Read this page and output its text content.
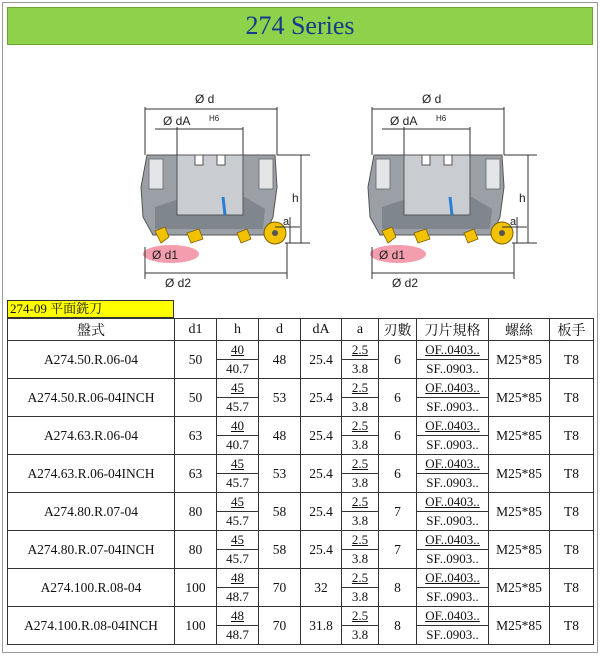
274 Series
Ø d
Ø dA H6
h
a
Ø d1
Ø d2
Ø d
Ø dA H6
h
a
Ø d1
Ø d2
274-09 平面銑刀
盤式	d1	h	d	dA	a	刃數	刀片規格	螺絲	板手
A274.50.R.06-04	50	40	48	25.4	2.5	6	OF..0403..	M25*85	T8
		40.7			3.8		SF..0903..		
A274.50.R.06-04INCH	50	45	53	25.4	2.5	6	OF..0403..	M25*85	T8
		45.7			3.8		SF..0903..		
A274.63.R.06-04	63	40	48	25.4	2.5	6	OF..0403..	M25*85	T8
		40.7			3.8		SF..0903..		
A274.63.R.06-04INCH	63	45	53	25.4	2.5	6	OF..0403..	M25*85	T8
		45.7			3.8		SF..0903..		
A274.80.R.07-04	80	45	58	25.4	2.5	7	OF..0403..	M25*85	T8
		45.7			3.8		SF..0903..		
A274.80.R.07-04INCH	80	45	58	25.4	2.5	7	OF..0403..	M25*85	T8
		45.7			3.8		SF..0903..		
A274.100.R.08-04	100	48	70	32	2.5	8	OF..0403..	M25*85	T8
		48.7			3.8		SF..0903..		
A274.100.R.08-04INCH	100	48	70	31.8	2.5	8	OF..0403..	M25*85	T8
		48.7			3.8		SF..0903..		
